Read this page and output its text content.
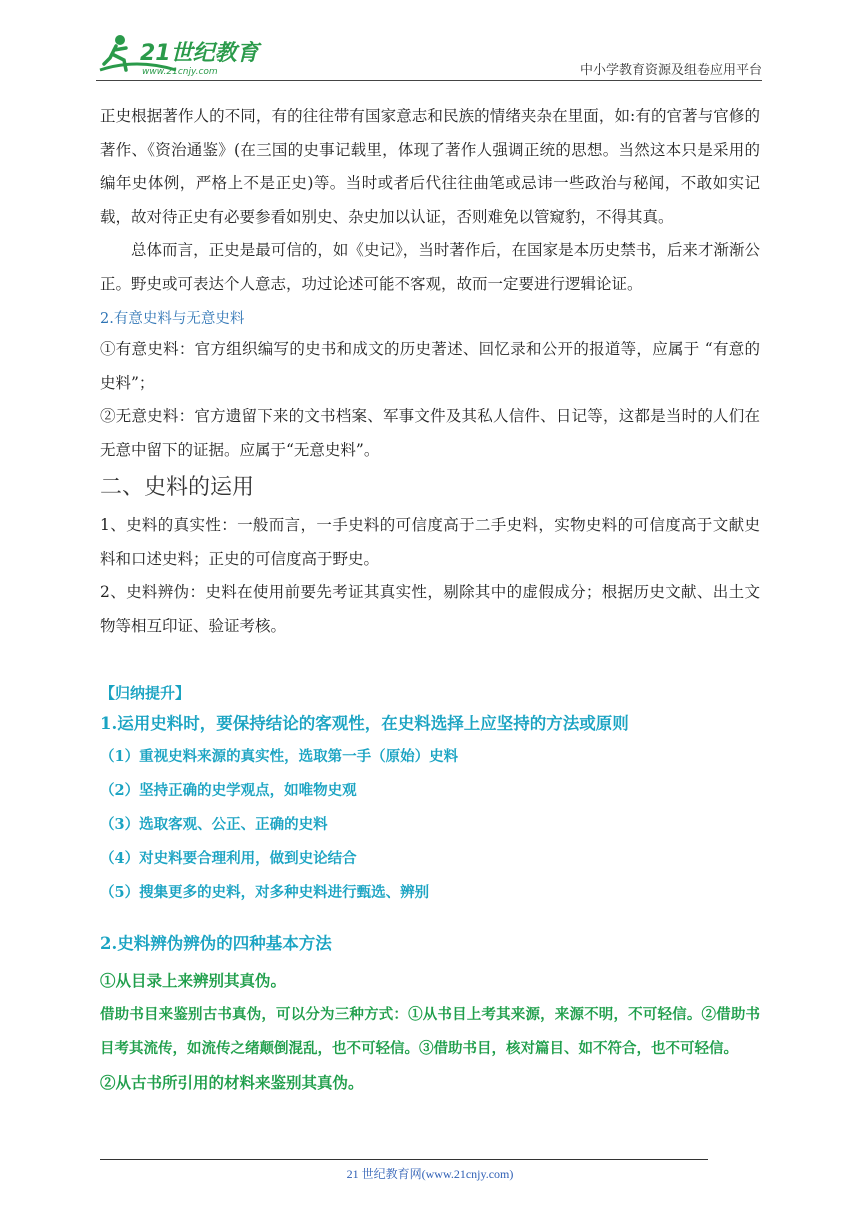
21世纪教育
www.21cnjy.com	中小学教育资源及组卷应用平台

正史根据著作人的不同，有的往往带有国家意志和民族的情绪夹杂在里面，如:有的官著与官修的著作、《资治通鉴》(在三国的史事记载里，体现了著作人强调正统的思想。当然这本只是采用的编年史体例，严格上不是正史)等。当时或者后代往往曲笔或忌讳一些政治与秘闻，不敢如实记载，故对待正史有必要参看如别史、杂史加以认证，否则难免以管窥豹，不得其真。

总体而言，正史是最可信的，如《史记》，当时著作后，在国家是本历史禁书，后来才渐渐公正。野史或可表达个人意志，功过论述可能不客观，故而一定要进行逻辑论证。

2.有意史料与无意史料

①有意史料：官方组织编写的史书和成文的历史著述、回忆录和公开的报道等，应属于 “有意的史料”；

②无意史料：官方遗留下来的文书档案、军事文件及其私人信件、日记等，这都是当时的人们在无意中留下的证据。应属于“无意史料”。

二、史料的运用

1、史料的真实性：一般而言，一手史料的可信度高于二手史料，实物史料的可信度高于文献史料和口述史料；正史的可信度高于野史。

2、史料辨伪：史料在使用前要先考证其真实性，剔除其中的虚假成分；根据历史文献、出土文物等相互印证、验证考核。

【归纳提升】

1.运用史料时，要保持结论的客观性，在史料选择上应坚持的方法或原则

（1）重视史料来源的真实性，选取第一手（原始）史料

（2）坚持正确的史学观点，如唯物史观

（3）选取客观、公正、正确的史料

（4）对史料要合理利用，做到史论结合

（5）搜集更多的史料，对多种史料进行甄选、辨别

2.史料辨伪辨伪的四种基本方法

①从目录上来辨别其真伪。

借助书目来鉴别古书真伪，可以分为三种方式：①从书目上考其来源，来源不明，不可轻信。②借助书目考其流传，如流传之绪颠倒混乱，也不可轻信。③借助书目，核对篇目、如不符合，也不可轻信。

②从古书所引用的材料来鉴别其真伪。

21 世纪教育网(www.21cnjy.com)
